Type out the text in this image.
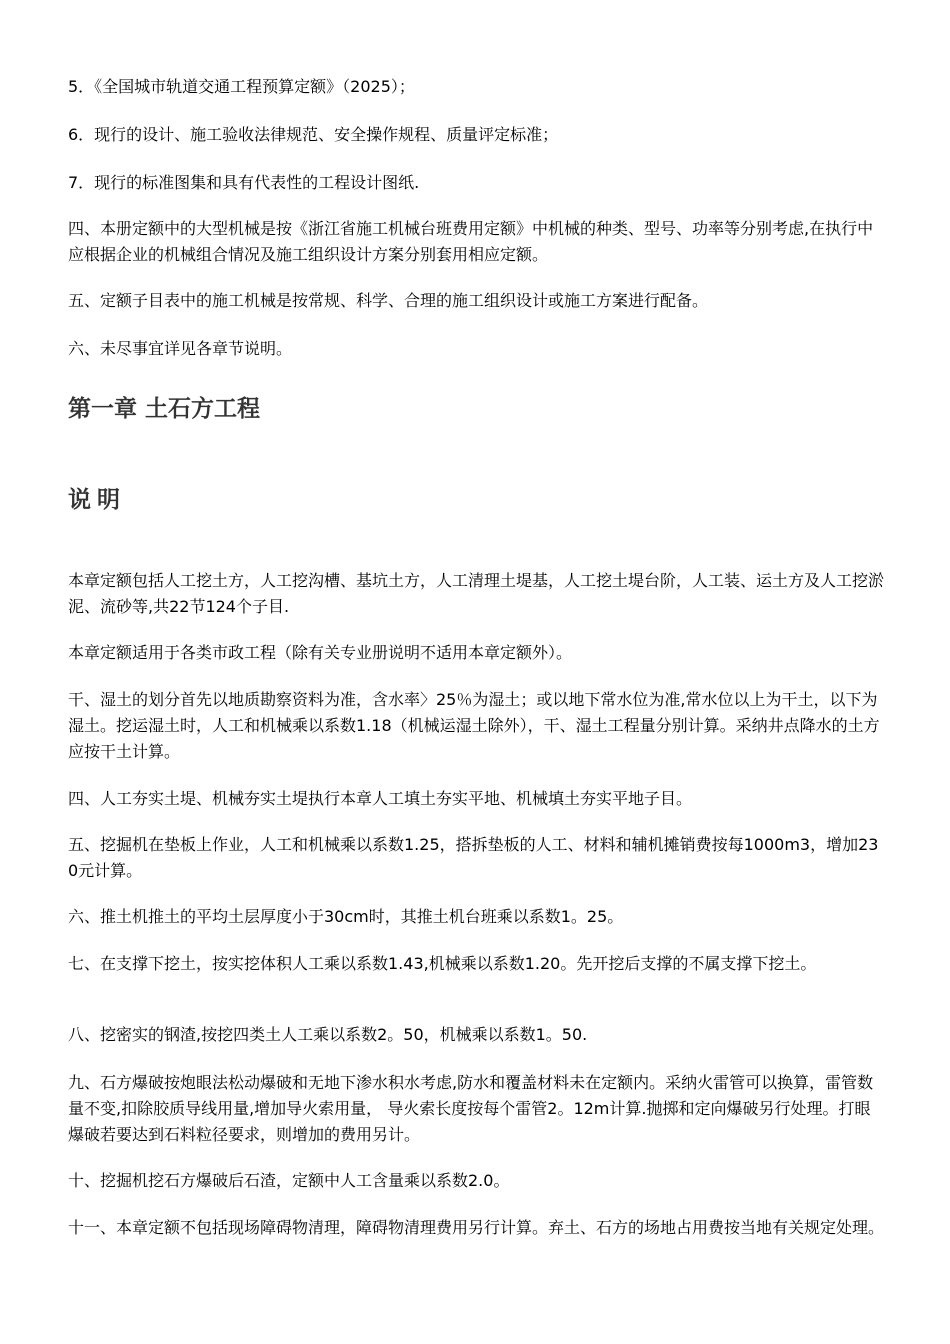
5．《全国城市轨道交通工程预算定额》（2025）；

6．现行的设计、施工验收法律规范、安全操作规程、质量评定标准；

7．现行的标准图集和具有代表性的工程设计图纸.

四、本册定额中的大型机械是按《浙江省施工机械台班费用定额》中机械的种类、型号、功率等分别考虑,在执行中应根据企业的机械组合情况及施工组织设计方案分别套用相应定额。

五、定额子目表中的施工机械是按常规、科学、合理的施工组织设计或施工方案进行配备。

六、未尽事宜详见各章节说明。

第一章 土石方工程
说明

本章定额包括人工挖土方，人工挖沟槽、基坑土方，人工清理土堤基，人工挖土堤台阶，人工装、运土方及人工挖淤泥、流砂等,共22节124个子目.

本章定额适用于各类市政工程（除有关专业册说明不适用本章定额外）。

干、湿土的划分首先以地质勘察资料为准，含水率〉25％为湿土；或以地下常水位为准,常水位以上为干土，以下为湿土。挖运湿土时，人工和机械乘以系数1.18（机械运湿土除外），干、湿土工程量分别计算。采纳井点降水的土方应按干土计算。

四、人工夯实土堤、机械夯实土堤执行本章人工填土夯实平地、机械填土夯实平地子目。

五、挖掘机在垫板上作业，人工和机械乘以系数1.25，搭拆垫板的人工、材料和辅机摊销费按每1000m3，增加230元计算。

六、推土机推土的平均土层厚度小于30cm时，其推土机台班乘以系数1。25。

七、在支撑下挖土，按实挖体积人工乘以系数1.43,机械乘以系数1.20。先开挖后支撑的不属支撑下挖土。

八、挖密实的钢渣,按挖四类土人工乘以系数2。50，机械乘以系数1。50.

九、石方爆破按炮眼法松动爆破和无地下渗水积水考虑,防水和覆盖材料未在定额内。采纳火雷管可以换算，雷管数量不变,扣除胶质导线用量,增加导火索用量， 导火索长度按每个雷管2。12m计算.抛掷和定向爆破另行处理。打眼爆破若要达到石料粒径要求，则增加的费用另计。

十、挖掘机挖石方爆破后石渣，定额中人工含量乘以系数2.0。

十一、本章定额不包括现场障碍物清理，障碍物清理费用另行计算。弃土、石方的场地占用费按当地有关规定处理。
